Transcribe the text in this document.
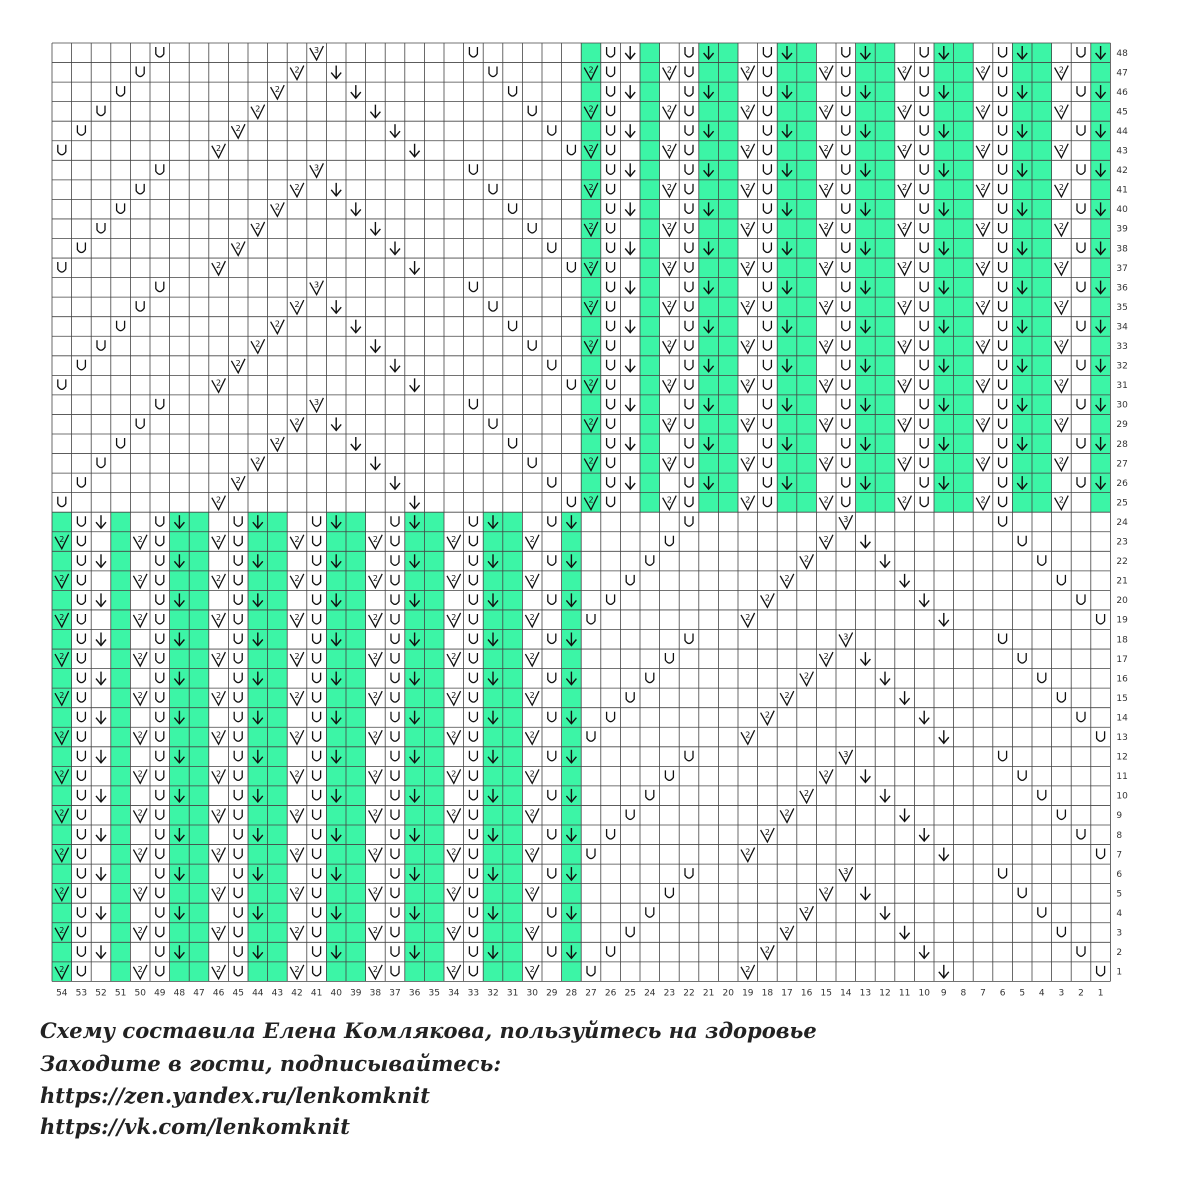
2
2
2
2
2
2
2
2
2
2
2
2
2
2
2
2
2
2
2
2
2
2
2
2
2
2
3
2
2
2
2
2
2
2
2
2
2
2
2
2
2
2
2
2
2
2
2
2
2
2
2
2
2
3
2
2
2
2
2
2
2
2
2
2
2
2
2
2
2
2
2
2
2
2
2
2
2
2
2
2
3
2
2
2
2
2
2
2
2
2
2
2
2
2
2
2
2
2
2
2
2
2
2
2
2
2
2
3
2
2
2
2
2
2
2
2
2
2
2
2
2
2
2
2
2
2
2
2
2
2
2
2
2
2
3
2
2
2
2
2
2
2
2
2
2
2
2
2
2
2
2
2
2
2
2
2
2
2
2
2
2
3
2
2
2
2
2
2
2
2
2
2
2
2
2
2
2
2
2
2
2
2
2
2
2
2
2
2
3
2
2
2
2
2
2
2
2
2
2
2
2
2
2
2
2
2
2
2
2
2
2
2
2
2
2
3
54 53 52 51 50 49 48 47 46 45 44 43 42 41 40 39 38 37 36 35 34 33 32 31 30 29 28 27 26 25 24 23 22 21 20 19 18 17 16 15 14 13 12 11 10 9 8 7 6 5 4 3 2 1
48
47
46
45
44
43
42
41
40
39
38
37
36
35
34
33
32
31
30
29
28
27
26
25
24
23
22
21
20
19
18
17
16
15
14
13
12
11
10
9
8
7
6
5
4
3
2
1
Схему составила Елена Комлякова, пользуйтесь на здоровье
Заходите в гости, подписывайтесь:
https://zen.yandex.ru/lenkomknit
https://vk.com/lenkomknit
